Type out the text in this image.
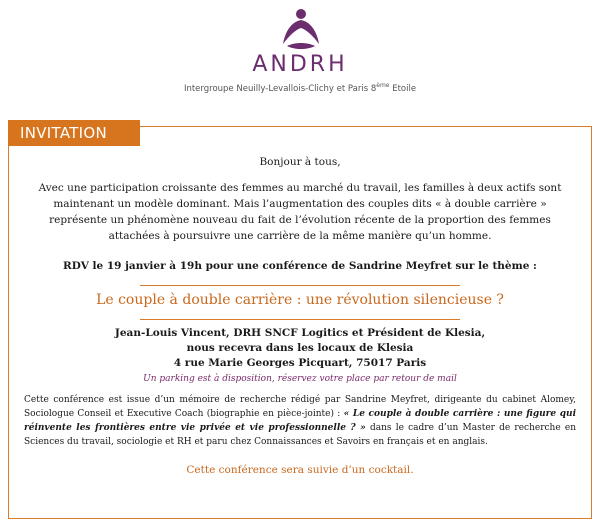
ANDRH
Intergroupe Neuilly-Levallois-Clichy et Paris 8ème Etoile
INVITATION
Bonjour à tous,
Avec une participation croissante des femmes au marché du travail, les familles à deux actifs sont maintenant un modèle dominant. Mais l’augmentation des couples dits « à double carrière » représente un phénomène nouveau du fait de l’évolution récente de la proportion des femmes attachées à poursuivre une carrière de la même manière qu’un homme.
RDV le 19 janvier à 19h pour une conférence de Sandrine Meyfret sur le thème :
Le couple à double carrière : une révolution silencieuse ?
Jean-Louis Vincent, DRH SNCF Logitics et Président de Klesia,
nous recevra dans les locaux de Klesia
4 rue Marie Georges Picquart, 75017 Paris
Un parking est à disposition, réservez votre place par retour de mail
Cette conférence est issue d’un mémoire de recherche rédigé par Sandrine Meyfret, dirigeante du cabinet Alomey, Sociologue Conseil et Executive Coach (biographie en pièce-jointe) : « Le couple à double carrière : une figure qui réinvente les frontières entre vie privée et vie professionnelle ? » dans le cadre d’un Master de recherche en Sciences du travail, sociologie et RH et paru chez Connaissances et Savoirs en français et en anglais.
Cette conférence sera suivie d’un cocktail.
